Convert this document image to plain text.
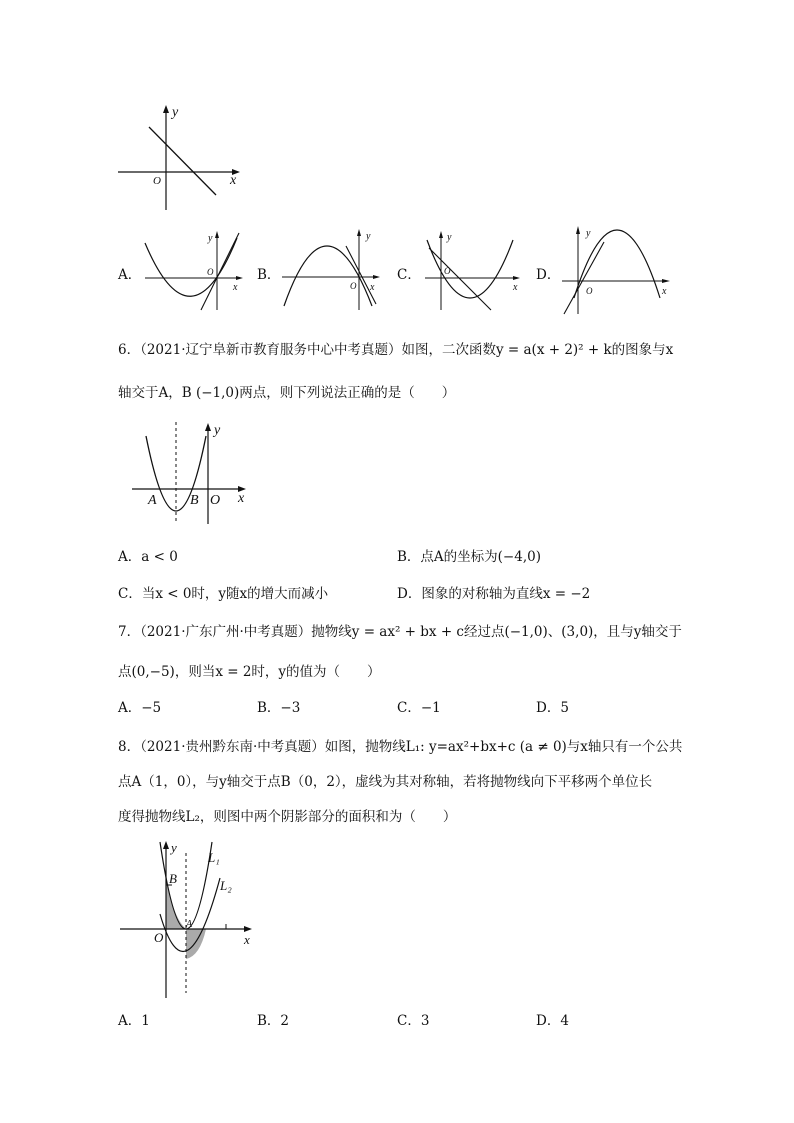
y
x
O
A．
y
O
x
B．
y
O x
C．
y
O
x
D．
y
O	x
6．（2021·辽宁阜新市教育服务中心中考真题）如图，二次函数y = a(x + 2)² + k的图象与x
轴交于A，B (−1,0)两点，则下列说法正确的是（　　）
y
x
A B O
A．a < 0	B．点A的坐标为(−4,0)
C．当x < 0时，y随x的增大而减小	D．图象的对称轴为直线x = −2
7．（2021·广东广州·中考真题）抛物线y = ax² + bx + c经过点(−1,0)、(3,0)，且与y轴交于
点(0,−5)，则当x = 2时，y的值为（　　）
A．−5	B．−3	C．−1	D．5
8．（2021·贵州黔东南·中考真题）如图，抛物线L₁: y=ax²+bx+c (a ≠ 0)与x轴只有一个公共
点A（1，0），与y轴交于点B（0，2），虚线为其对称轴，若将抛物线向下平移两个单位长
度得抛物线L₂，则图中两个阴影部分的面积和为（　　）
y
x
O
B
A
L₁
L₂
A．1	B．2	C．3	D．4
